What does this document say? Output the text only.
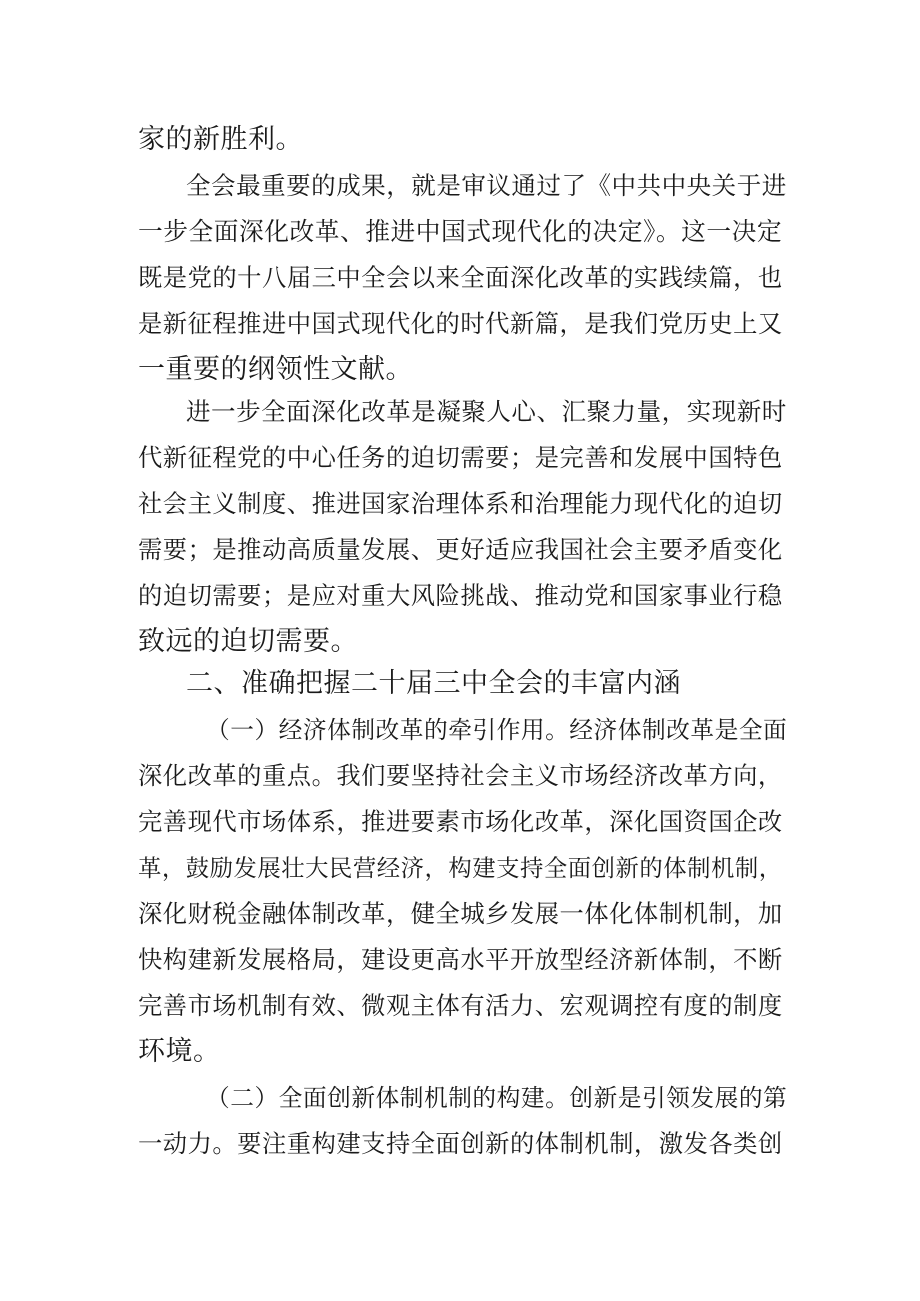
家的新胜利。
全会最重要的成果，就是审议通过了《中共中央关于进
一步全面深化改革、推进中国式现代化的决定》。这一决定
既是党的十八届三中全会以来全面深化改革的实践续篇，也
是新征程推进中国式现代化的时代新篇，是我们党历史上又
一重要的纲领性文献。
进一步全面深化改革是凝聚人心、汇聚力量，实现新时
代新征程党的中心任务的迫切需要；是完善和发展中国特色
社会主义制度、推进国家治理体系和治理能力现代化的迫切
需要；是推动高质量发展、更好适应我国社会主要矛盾变化
的迫切需要；是应对重大风险挑战、推动党和国家事业行稳
致远的迫切需要。
二、准确把握二十届三中全会的丰富内涵
（一）经济体制改革的牵引作用。经济体制改革是全面
深化改革的重点。我们要坚持社会主义市场经济改革方向，
完善现代市场体系，推进要素市场化改革，深化国资国企改
革，鼓励发展壮大民营经济，构建支持全面创新的体制机制，
深化财税金融体制改革，健全城乡发展一体化体制机制，加
快构建新发展格局，建设更高水平开放型经济新体制，不断
完善市场机制有效、微观主体有活力、宏观调控有度的制度
环境。
（二）全面创新体制机制的构建。创新是引领发展的第
一动力。要注重构建支持全面创新的体制机制，激发各类创
